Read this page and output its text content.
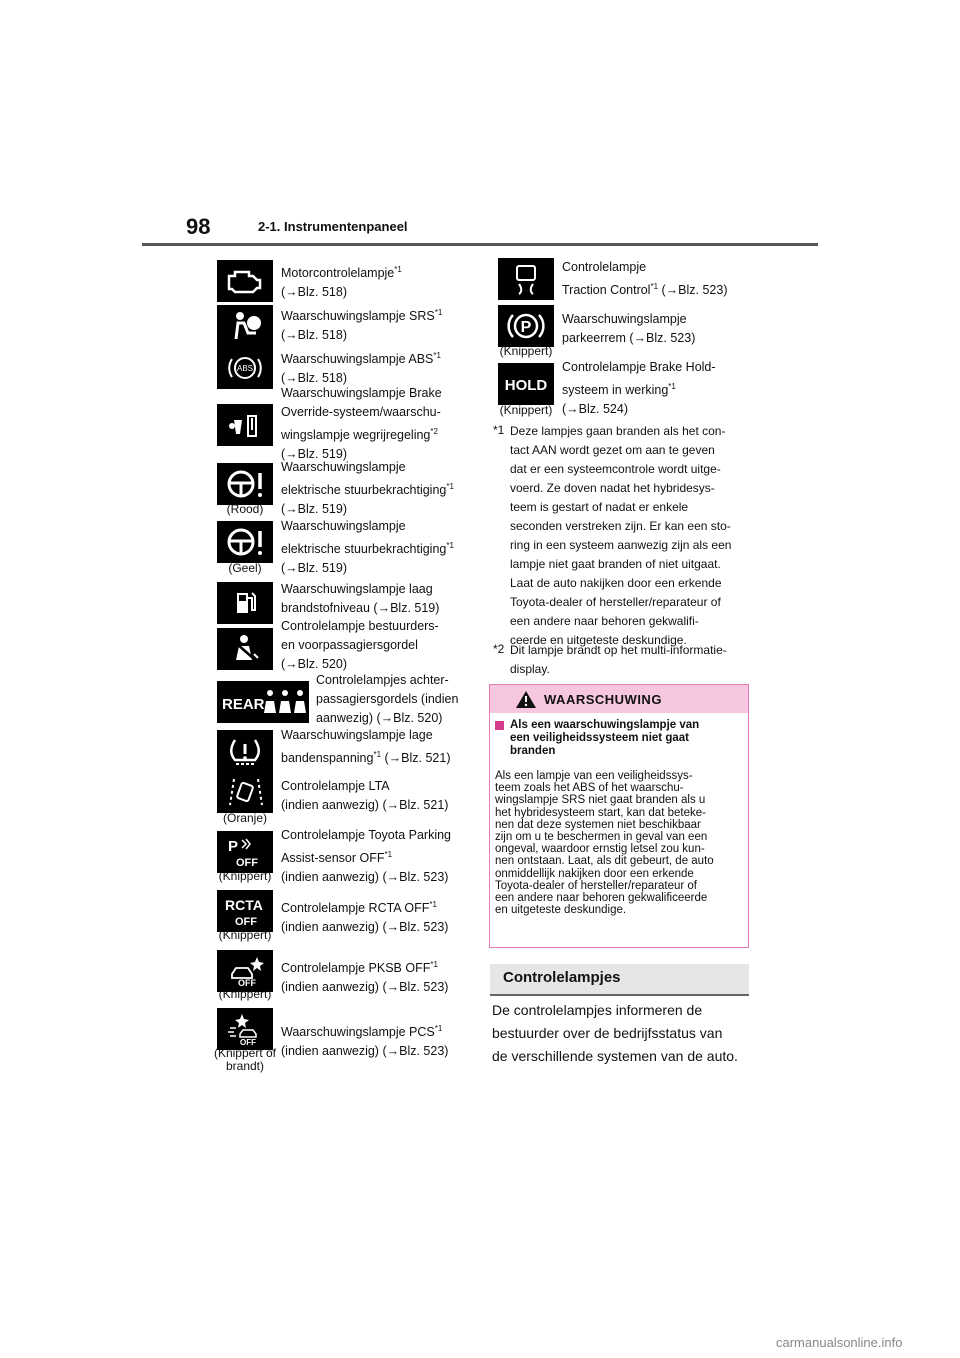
98	2-1. Instrumentenpaneel
Motorcontrolelampje$^{*1}$
(→Blz. 518)
Waarschuwingslampje SRS$^{*1}$
(→Blz. 518)
ABS
Waarschuwingslampje ABS$^{*1}$
(→Blz. 518)
Waarschuwingslampje Brake
Override-systeem/waarschu-
wingslampje wegrijregeling$^{*2}$
(→Blz. 519)
(Rood)
Waarschuwingslampje
elektrische stuurbekrachtiging$^{*1}$
(→Blz. 519)
(Geel)
Waarschuwingslampje
elektrische stuurbekrachtiging$^{*1}$
(→Blz. 519)
Waarschuwingslampje laag
brandstofniveau (→Blz. 519)
Controlelampje bestuurders-
en voorpassagiersgordel
(→Blz. 520)
REAR
Controlelampjes achter-
passagiersgordels (indien
aanwezig) (→Blz. 520)
Waarschuwingslampje lage
bandenspanning$^{*1}$ (→Blz. 521)
(Oranje)
Controlelampje LTA
(indien aanwezig) (→Blz. 521)
P
OFF
(Knippert)
Controlelampje Toyota Parking
Assist-sensor OFF$^{*1}$
(indien aanwezig) (→Blz. 523)
RCTA
OFF
(Knippert)
Controlelampje RCTA OFF$^{*1}$
(indien aanwezig) (→Blz. 523)
OFF
(Knippert)
Controlelampje PKSB OFF$^{*1}$
(indien aanwezig) (→Blz. 523)
OFF
(Knippert of brandt)
Waarschuwingslampje PCS$^{*1}$
(indien aanwezig) (→Blz. 523)
Controlelampje
Traction Control$^{*1}$ (→Blz. 523)
P
(Knippert)
Waarschuwingslampje
parkeerrem (→Blz. 523)
HOLD
(Knippert)
Controlelampje Brake Hold-
systeem in werking$^{*1}$
(→Blz. 524)
*1 Deze lampjes gaan branden als het con-
tact AAN wordt gezet om aan te geven
dat er een systeemcontrole wordt uitge-
voerd. Ze doven nadat het hybridesys-
teem is gestart of nadat er enkele
seconden verstreken zijn. Er kan een sto-
ring in een systeem aanwezig zijn als een
lampje niet gaat branden of niet uitgaat.
Laat de auto nakijken door een erkende
Toyota-dealer of hersteller/reparateur of
een andere naar behoren gekwalifi-
ceerde en uitgeteste deskundige.
*2 Dit lampje brandt op het multi-informatie-
display.
WAARSCHUWING
Als een waarschuwingslampje van
een veiligheidssysteem niet gaat
branden
Als een lampje van een veiligheidssys-
teem zoals het ABS of het waarschu-
wingslampje SRS niet gaat branden als u
het hybridesysteem start, kan dat beteke-
nen dat deze systemen niet beschikbaar
zijn om u te beschermen in geval van een
ongeval, waardoor ernstig letsel zou kun-
nen ontstaan. Laat, als dit gebeurt, de auto
onmiddellijk nakijken door een erkende
Toyota-dealer of hersteller/reparateur of
een andere naar behoren gekwalificeerde
en uitgeteste deskundige.
Controlelampjes
De controlelampjes informeren de
bestuurder over de bedrijfsstatus van
de verschillende systemen van de auto.
carmanualsonline.info
